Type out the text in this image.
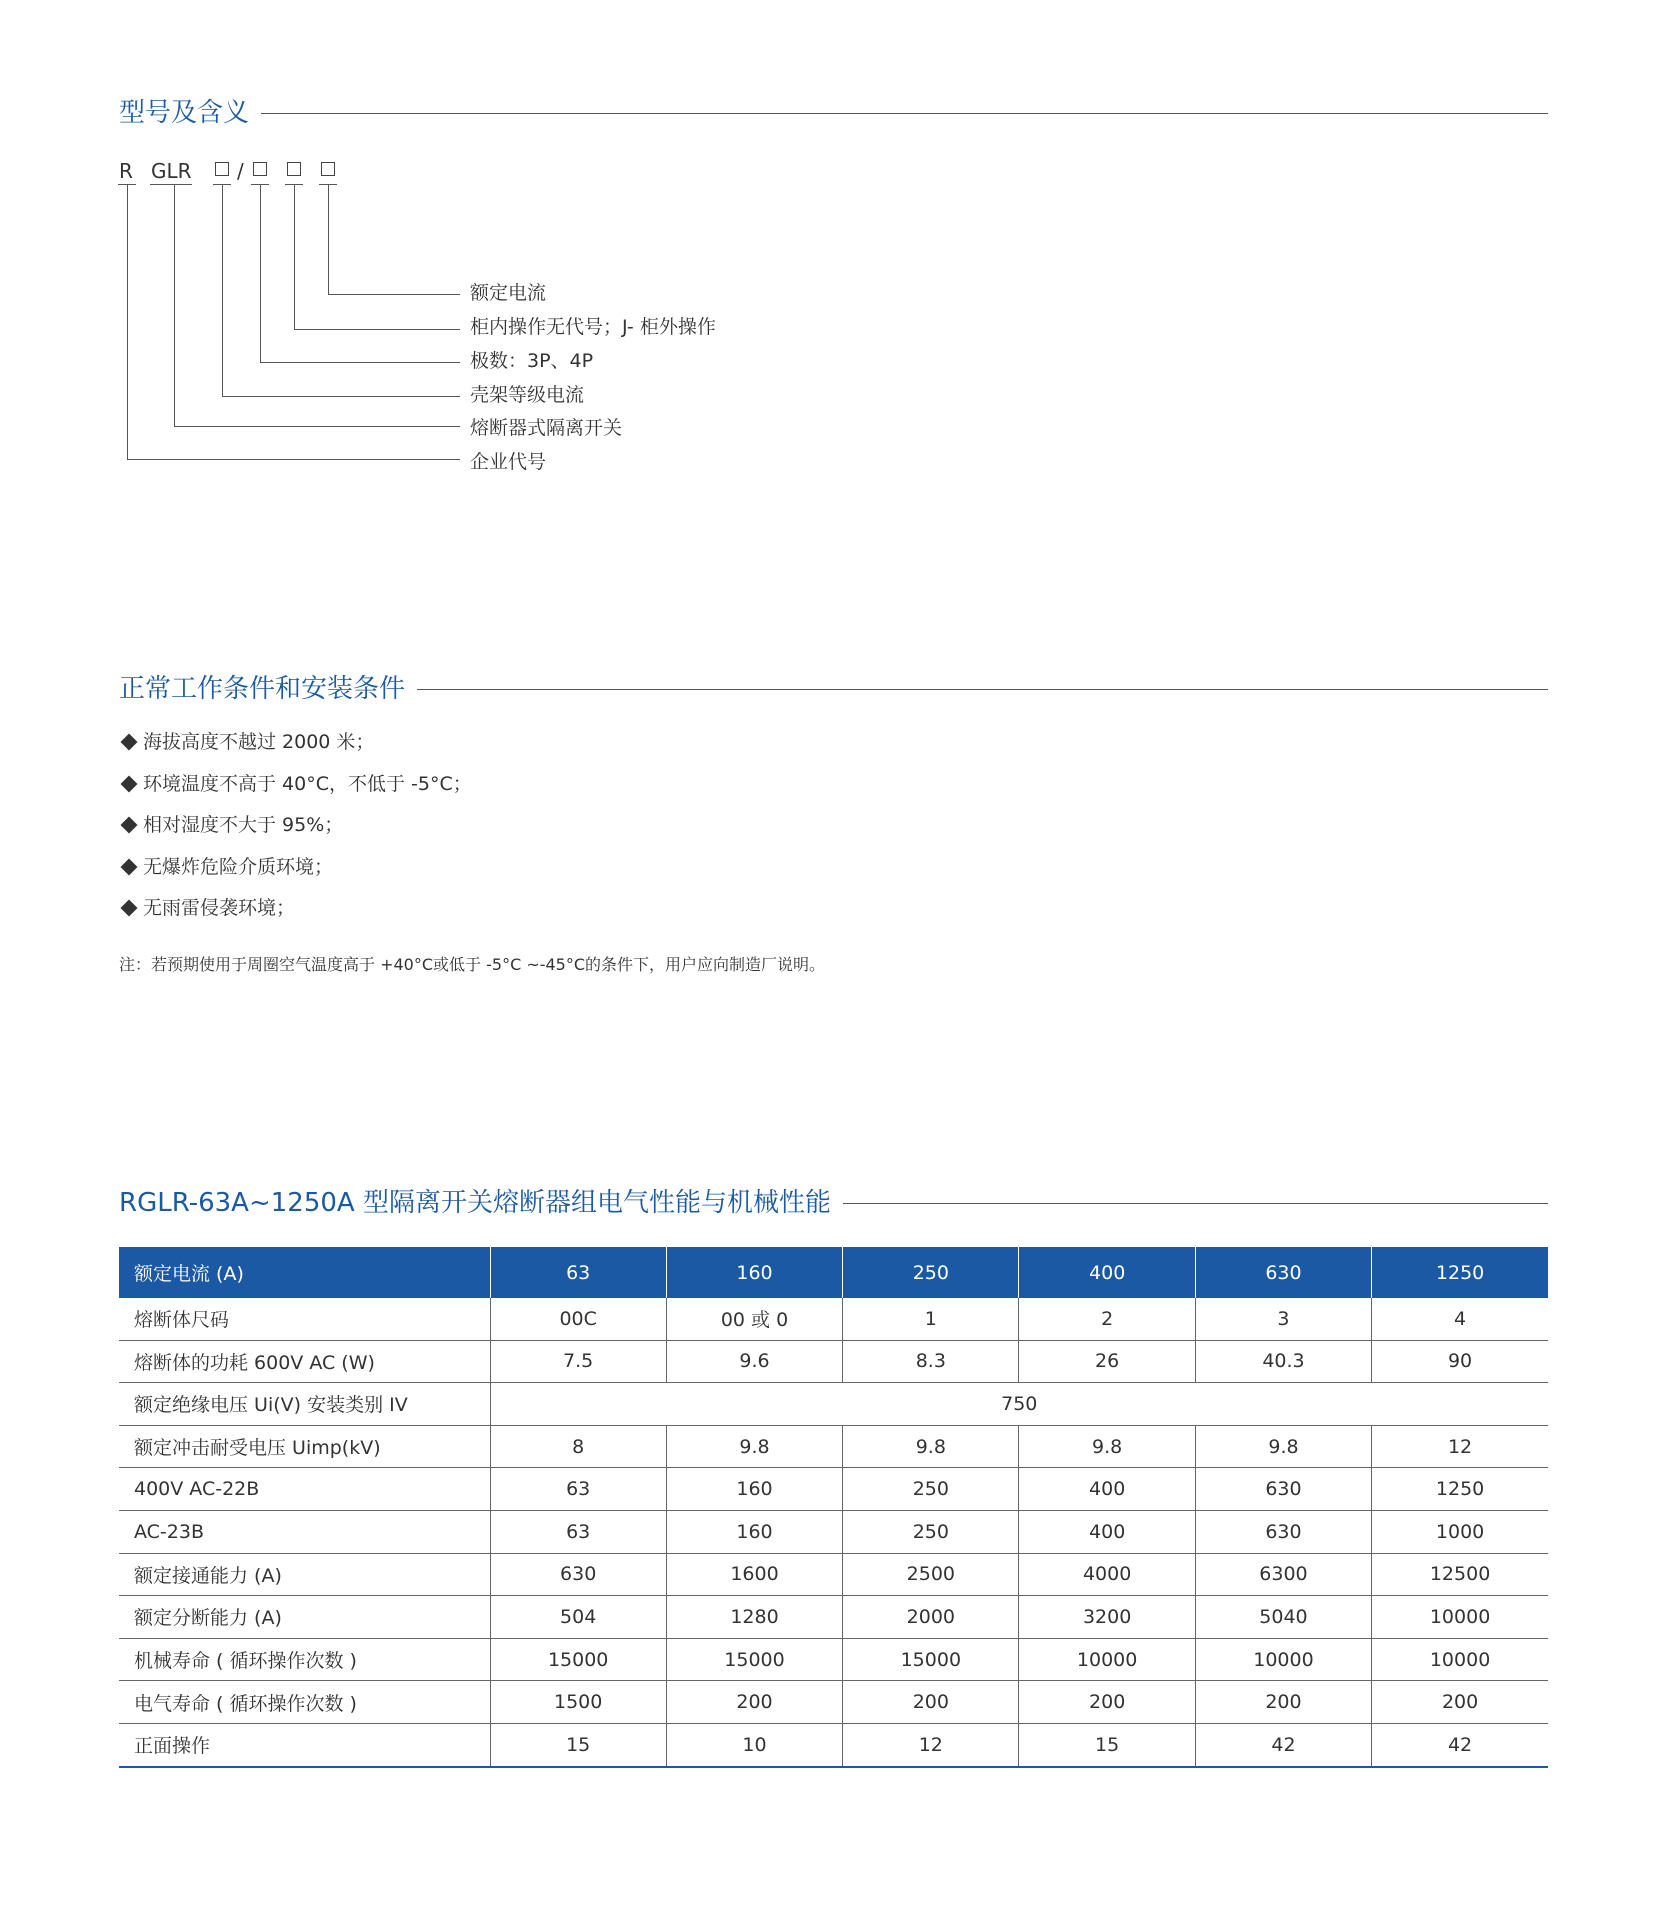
型号及含义
R GLR /
额定电流
柜内操作无代号；J- 柜外操作
极数：3P、4P
壳架等级电流
熔断器式隔离开关
企业代号
正常工作条件和安装条件
海拔高度不越过 2000 米；
环境温度不高于 40°C，不低于 -5°C；
相对湿度不大于 95%；
无爆炸危险介质环境；
无雨雷侵袭环境；
注：若预期使用于周圈空气温度高于 +40°C或低于 -5°C ~-45°C的条件下，用户应向制造厂说明。
RGLR-63A~1250A 型隔离开关熔断器组电气性能与机械性能
额定电流 (A)	63	160	250	400	630	1250
熔断体尺码	00C	00 或 0	1	2	3	4
熔断体的功耗 600V AC (W)	7.5	9.6	8.3	26	40.3	90
额定绝缘电压 Ui(V) 安装类别 IV	750					
额定冲击耐受电压 Uimp(kV)	8	9.8	9.8	9.8	9.8	12
400V AC-22B	63	160	250	400	630	1250
AC-23B	63	160	250	400	630	1000
额定接通能力 (A)	630	1600	2500	4000	6300	12500
额定分断能力 (A)	504	1280	2000	3200	5040	10000
机械寿命 ( 循环操作次数 )	15000	15000	15000	10000	10000	10000
电气寿命 ( 循环操作次数 )	1500	200	200	200	200	200
正面操作	15	10	12	15	42	42
